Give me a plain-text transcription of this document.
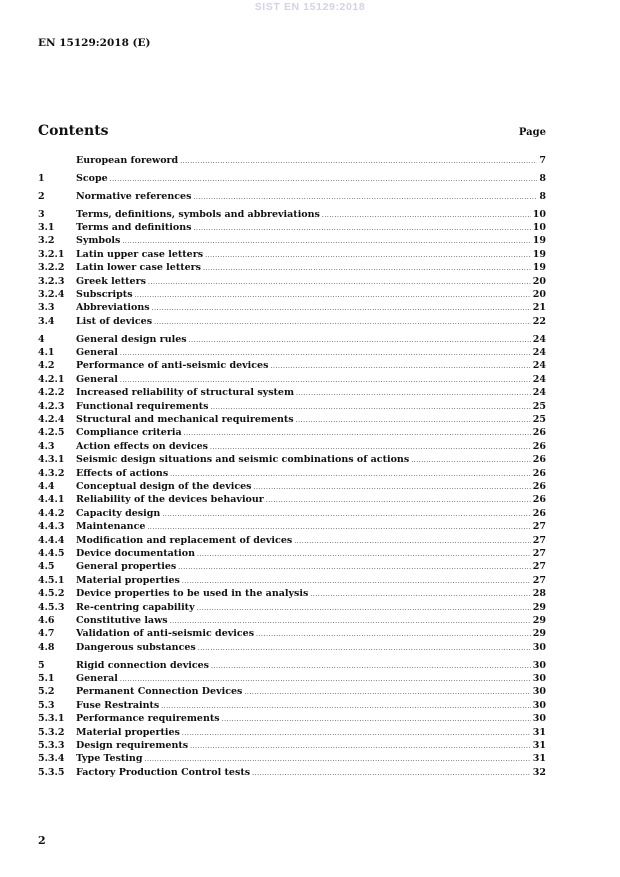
SIST EN 15129:2018
EN 15129:2018 (E)
Contents	Page
European foreword .....	7
1	Scope .....	8
2	Normative references .....	8
3	Terms, definitions, symbols and abbreviations .....	10
3.1	Terms and definitions .....	10
3.2	Symbols .....	19
3.2.1	Latin upper case letters .....	19
3.2.2	Latin lower case letters .....	19
3.2.3	Greek letters .....	20
3.2.4	Subscripts .....	20
3.3	Abbreviations .....	21
3.4	List of devices .....	22
4	General design rules .....	24
4.1	General .....	24
4.2	Performance of anti-seismic devices .....	24
4.2.1	General .....	24
4.2.2	Increased reliability of structural system .....	24
4.2.3	Functional requirements .....	25
4.2.4	Structural and mechanical requirements .....	25
4.2.5	Compliance criteria .....	26
4.3	Action effects on devices .....	26
4.3.1	Seismic design situations and seismic combinations of actions .....	26
4.3.2	Effects of actions .....	26
4.4	Conceptual design of the devices .....	26
4.4.1	Reliability of the devices behaviour .....	26
4.4.2	Capacity design .....	26
4.4.3	Maintenance .....	27
4.4.4	Modification and replacement of devices .....	27
4.4.5	Device documentation .....	27
4.5	General properties .....	27
4.5.1	Material properties .....	27
4.5.2	Device properties to be used in the analysis .....	28
4.5.3	Re-centring capability .....	29
4.6	Constitutive laws .....	29
4.7	Validation of anti-seismic devices .....	29
4.8	Dangerous substances .....	30
5	Rigid connection devices .....	30
5.1	General .....	30
5.2	Permanent Connection Devices .....	30
5.3	Fuse Restraints .....	30
5.3.1	Performance requirements .....	30
5.3.2	Material properties .....	31
5.3.3	Design requirements .....	31
5.3.4	Type Testing .....	31
5.3.5	Factory Production Control tests .....	32
2
